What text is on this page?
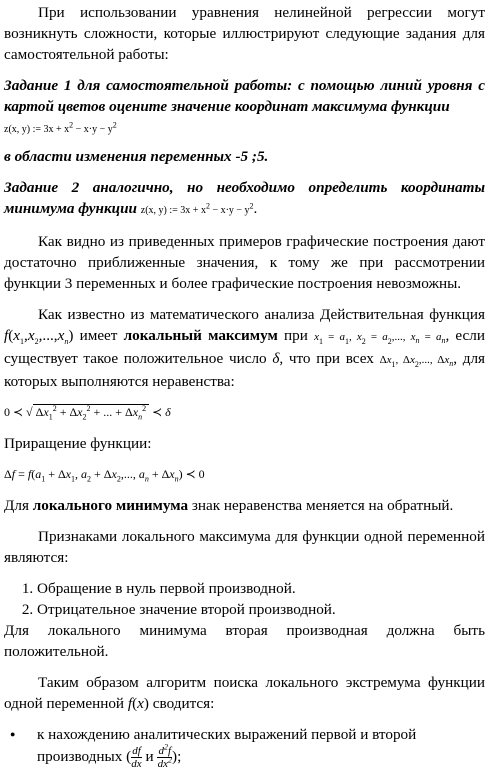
При использовании уравнения нелинейной регрессии могут возникнуть сложности, которые иллюстрируют следующие задания для самостоятельной работы:

Задание 1 для самостоятельной работы: с помощью линий уровня с картой цветов оцените значение координат максимума функции
z(x, y) := $3x + x^2 - x\cdot y - y^2$

в области изменения переменных -5 ;5.

Задание 2 аналогично, но необходимо определить координаты минимума функции z(x, y) := $3x + x^2 - x\cdot y - y^2$.

Как видно из приведенных примеров графические построения дают достаточно приближенные значения, к тому же при рассмотрении функции 3 переменных и более графические построения невозможны.

Как известно из математического анализа Действительная функция $f(x_1,x_2,...,x_n)$ имеет локальный максимум при $x_1 = a_1$, $x_2 = a_2$,..., $x_n = a_n$, если существует такое положительное число δ, что при всех $\Delta x_1$, $\Delta x_2$,..., $\Delta x_n$, для которых выполняются неравенства:

0 ≺ √ $\Delta x_1^2 + \Delta x_2^2$ + ... + $\Delta x_n^2$ ≺ δ

Приращение функции:

$\Delta f = f(a_1 + \Delta x_1$, $a_2 + \Delta x_2$,..., $a_n + \Delta x_n$) ≺ 0

Для локального минимума знак неравенства меняется на обратный.

Признаками локального максимума для функции одной переменной являются:

1. Обращение в нуль первой производной.
2. Отрицательное значение второй производной.

Для локального минимума вторая производная должна быть положительной.

Таким образом алгоритм поиска локального экстремума функции одной переменной f(x) сводится:

● к нахождению аналитических выражений первой и второй производных ( $\frac{df}{dx}$ и $\frac{d^2f}{dx^2}$ );
